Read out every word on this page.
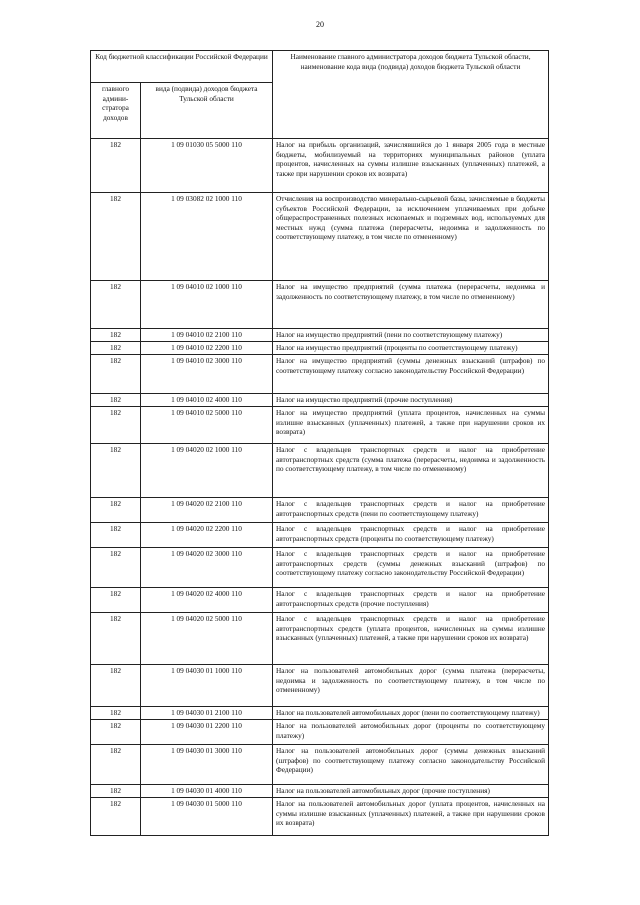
20
Код бюджетной классификации Российской Федерации		Наименование главного администратора доходов бюджета Тульской области, наименование кода вида (подвида) доходов бюджета Тульской области
главного админи-стратора доходов	вида (подвида) доходов бюджета Тульской области	
182	1 09 01030 05 5000 110	Налог на прибыль организаций, зачислявшийся до 1 января 2005 года в местные бюджеты, мобилизуемый на территориях муниципальных районов (уплата процентов, начисленных на суммы излишне взысканных (уплаченных) платежей, а также при нарушении сроков их возврата)
182	1 09 03082 02 1000 110	Отчисления на воспроизводство минерально-сырьевой базы, зачисляемые в бюджеты субъектов Российской Федерации, за исключением уплачиваемых при добыче общераспространенных полезных ископаемых и подземных вод, используемых для местных нужд (сумма платежа (перерасчеты, недоимка и задолженность по соответствующему платежу, в том числе по отмененному)
182	1 09 04010 02 1000 110	Налог на имущество предприятий (сумма платежа (перерасчеты, недоимка и задолженность по соответствующему платежу, в том числе по отмененному)
182	1 09 04010 02 2100 110	Налог на имущество предприятий (пени по соответствующему платежу)
182	1 09 04010 02 2200 110	Налог на имущество предприятий (проценты по соответствующему платежу)
182	1 09 04010 02 3000 110	Налог на имущество предприятий (суммы денежных взысканий (штрафов) по соответствующему платежу согласно законодательству Российской Федерации)
182	1 09 04010 02 4000 110	Налог на имущество предприятий (прочие поступления)
182	1 09 04010 02 5000 110	Налог на имущество предприятий (уплата процентов, начисленных на суммы излишне взысканных (уплаченных) платежей, а также при нарушении сроков их возврата)
182	1 09 04020 02 1000 110	Налог с владельцев транспортных средств и налог на приобретение автотранспортных средств (сумма платежа (перерасчеты, недоимка и задолженность по соответствующему платежу, в том числе по отмененному)
182	1 09 04020 02 2100 110	Налог с владельцев транспортных средств и налог на приобретение автотранспортных средств (пени по соответствующему платежу)
182	1 09 04020 02 2200 110	Налог с владельцев транспортных средств и налог на приобретение автотранспортных средств (проценты по соответствующему платежу)
182	1 09 04020 02 3000 110	Налог с владельцев транспортных средств и налог на приобретение автотранспортных средств (суммы денежных взысканий (штрафов) по соответствующему платежу согласно законодательству Российской Федерации)
182	1 09 04020 02 4000 110	Налог с владельцев транспортных средств и налог на приобретение автотранспортных средств (прочие поступления)
182	1 09 04020 02 5000 110	Налог с владельцев транспортных средств и налог на приобретение автотранспортных средств (уплата процентов, начисленных на суммы излишне взысканных (уплаченных) платежей, а также при нарушении сроков их возврата)
182	1 09 04030 01 1000 110	Налог на пользователей автомобильных дорог (сумма платежа (перерасчеты, недоимка и задолженность по соответствующему платежу, в том числе по отмененному)
182	1 09 04030 01 2100 110	Налог на пользователей автомобильных дорог (пени по соответствующему платежу)
182	1 09 04030 01 2200 110	Налог на пользователей автомобильных дорог (проценты по соответствующему платежу)
182	1 09 04030 01 3000 110	Налог на пользователей автомобильных дорог (суммы денежных взысканий (штрафов) по соответствующему платежу согласно законодательству Российской Федерации)
182	1 09 04030 01 4000 110	Налог на пользователей автомобильных дорог (прочие поступления)
182	1 09 04030 01 5000 110	Налог на пользователей автомобильных дорог (уплата процентов, начисленных на суммы излишне взысканных (уплаченных) платежей, а также при нарушении сроков их возврата)
